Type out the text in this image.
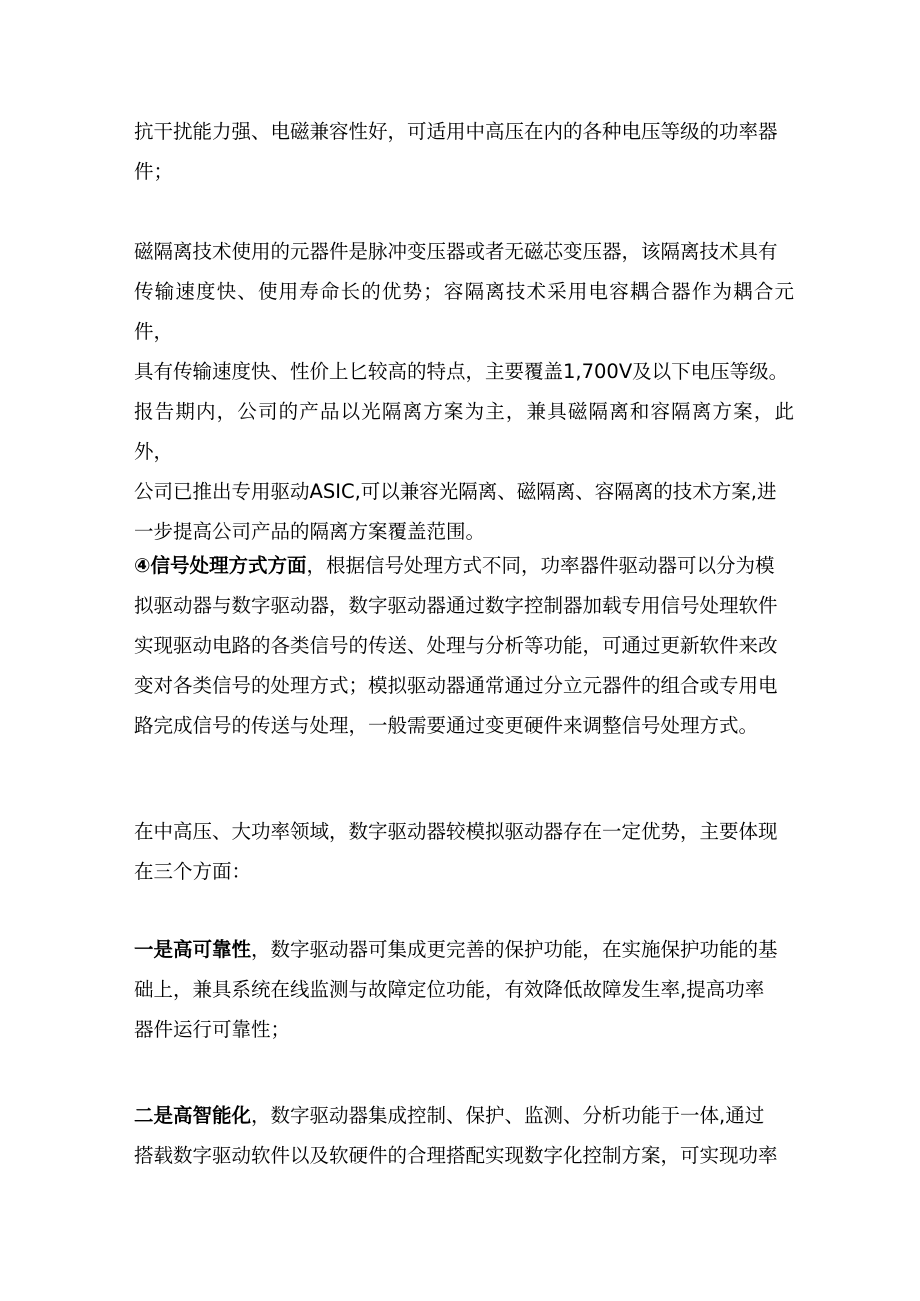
抗干扰能力强、电磁兼容性好，可适用中高压在内的各种电压等级的功率器
件；

磁隔离技术使用的元器件是脉冲变压器或者无磁芯变压器，该隔离技术具有
传输速度快、使用寿命长的优势；容隔离技术采用电容耦合器作为耦合元件，
具有传输速度快、性价上匕较高的特点，主要覆盖1,700V及以下电压等级。
报告期内，公司的产品以光隔离方案为主，兼具磁隔离和容隔离方案，此外，
公司已推出专用驱动ASIC,可以兼容光隔离、磁隔离、容隔离的技术方案,进
一步提高公司产品的隔离方案覆盖范围。

④信号处理方式方面，根据信号处理方式不同，功率器件驱动器可以分为模
拟驱动器与数字驱动器，数字驱动器通过数字控制器加载专用信号处理软件
实现驱动电路的各类信号的传送、处理与分析等功能，可通过更新软件来改
变对各类信号的处理方式；模拟驱动器通常通过分立元器件的组合或专用电
路完成信号的传送与处理，一般需要通过变更硬件来调整信号处理方式。

在中高压、大功率领域，数字驱动器较模拟驱动器存在一定优势，主要体现
在三个方面：

一是高可靠性，数字驱动器可集成更完善的保护功能，在实施保护功能的基
础上，兼具系统在线监测与故障定位功能，有效降低故障发生率,提高功率
器件运行可靠性；

二是高智能化，数字驱动器集成控制、保护、监测、分析功能于一体,通过
搭载数字驱动软件以及软硬件的合理搭配实现数字化控制方案，可实现功率
